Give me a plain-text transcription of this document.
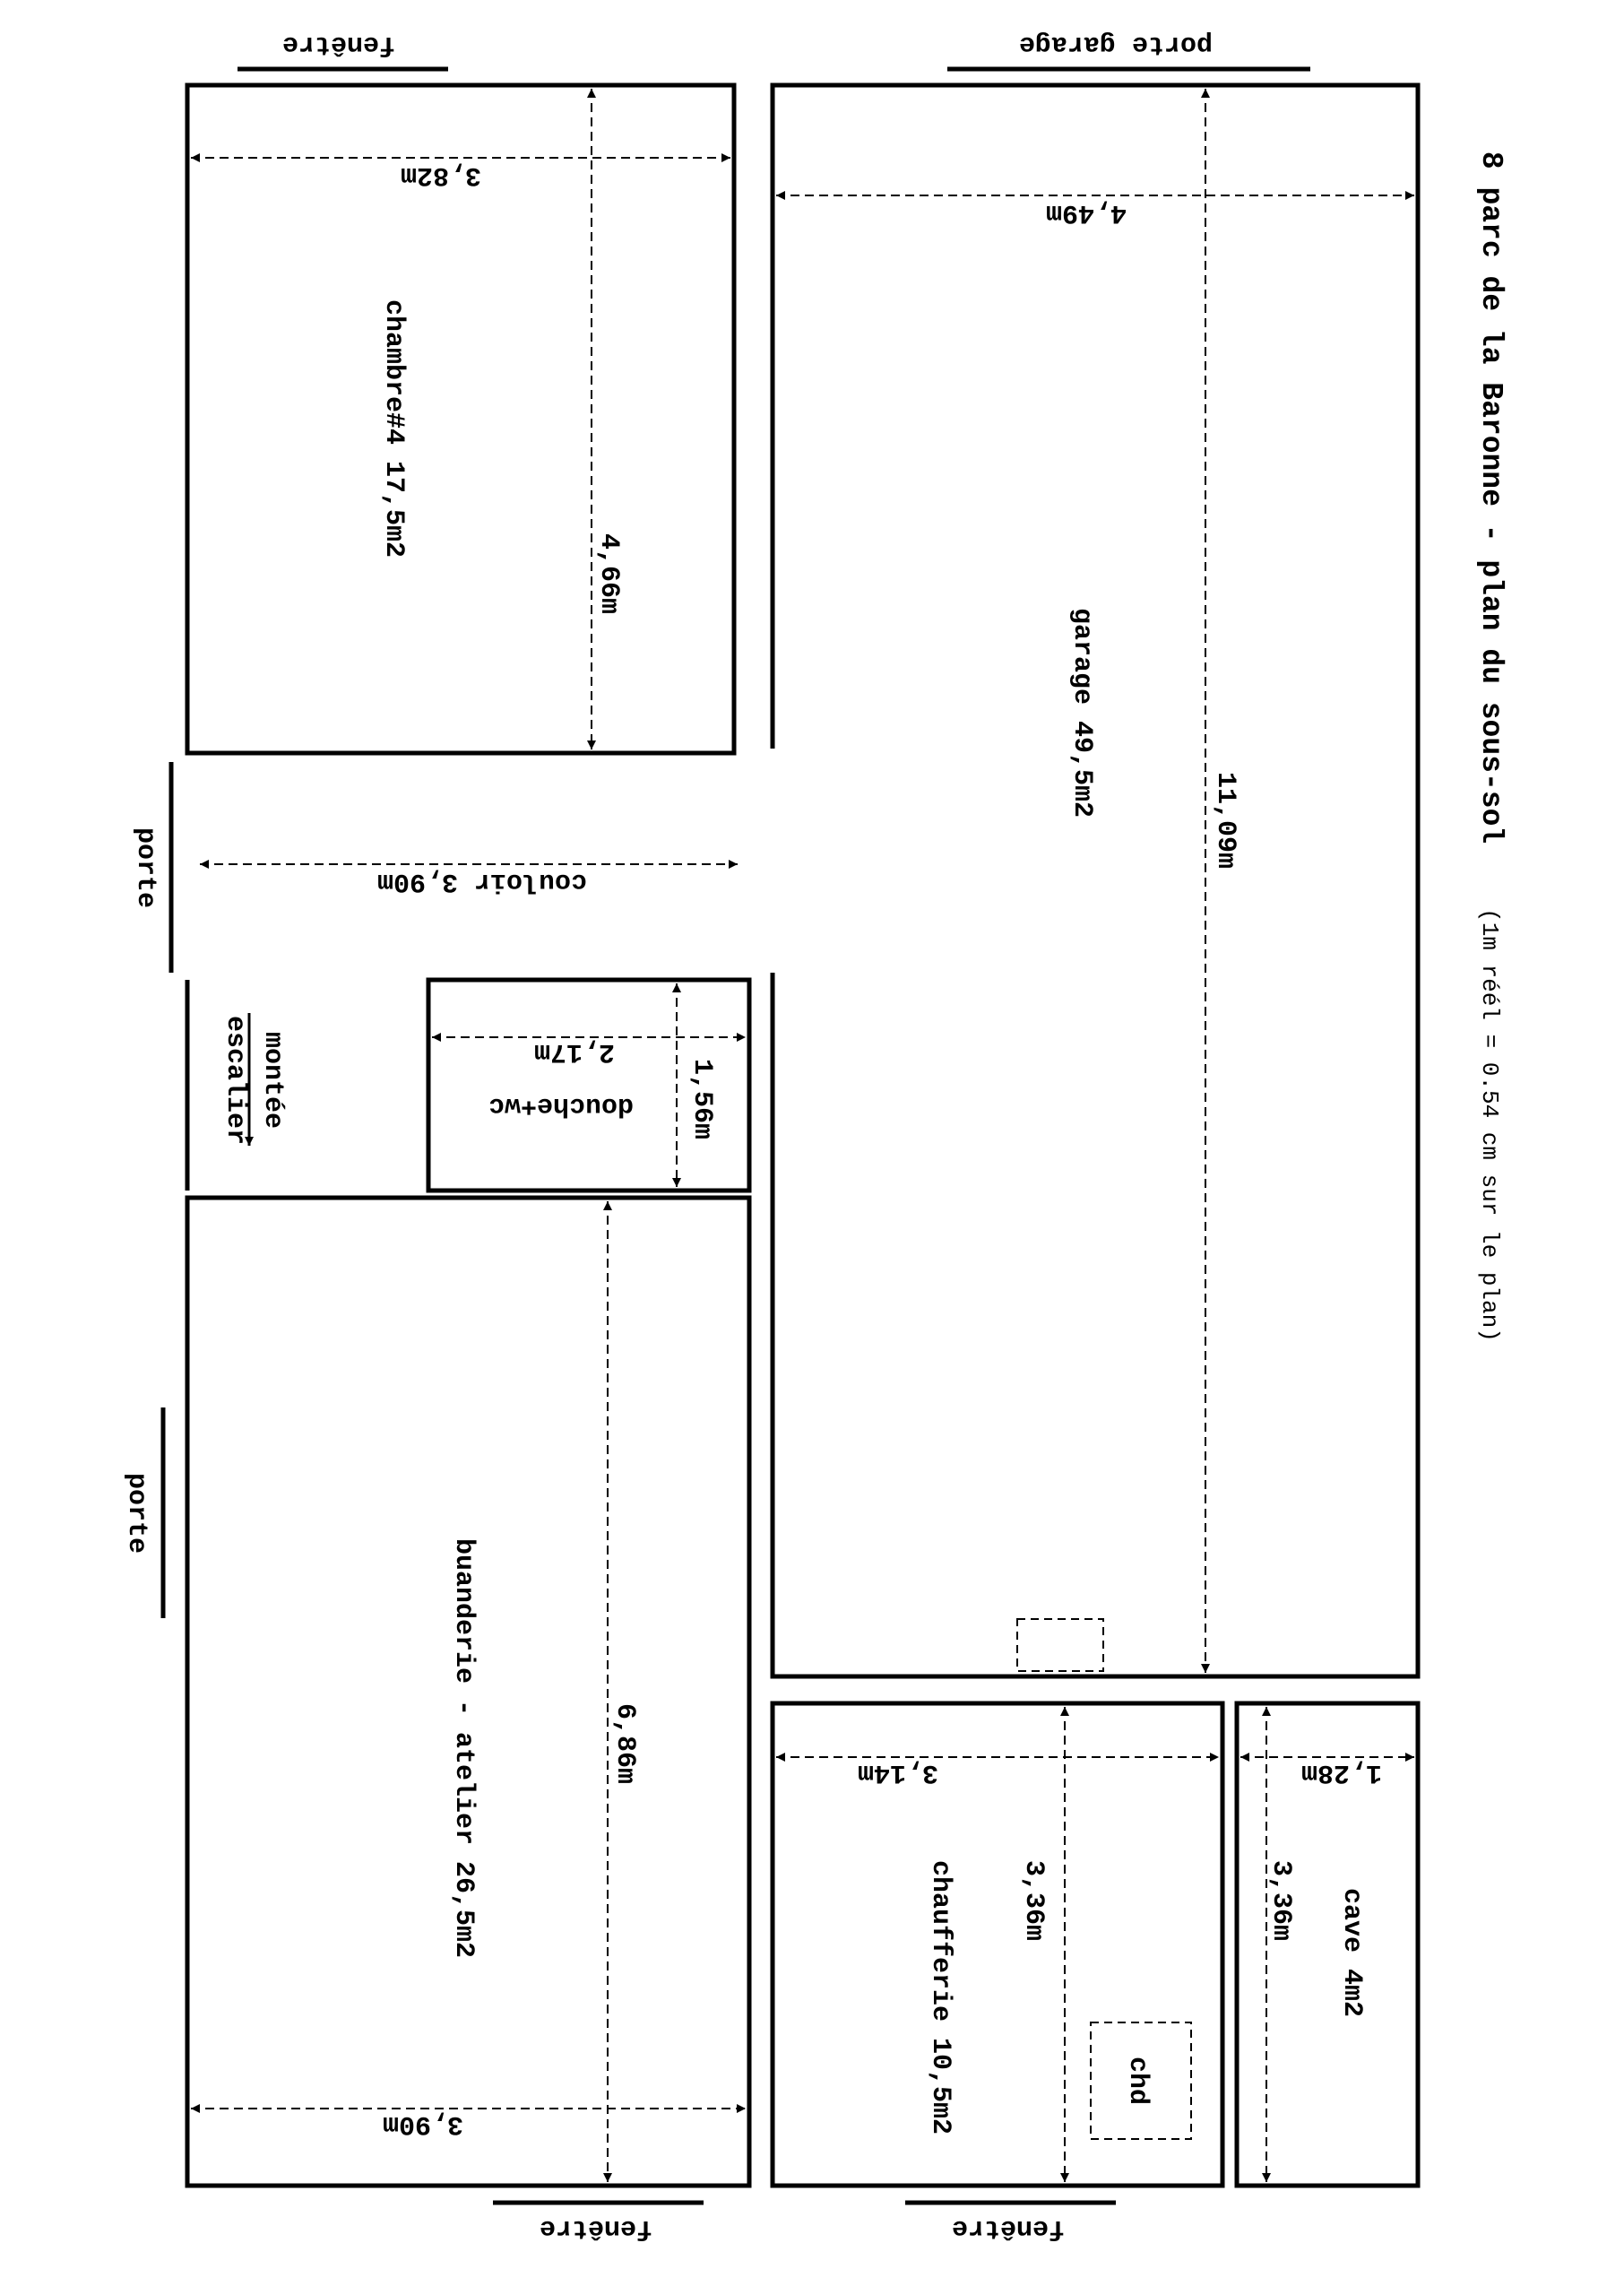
8 parc de la Baronne - plan du sous-sol
garage 49,5m2
11,09m
chambre#4 17,5m2
4,66m
1,56m
montée
escalier
buanderie - atelier 26,5m2	6,86m
chaufferie 10,5m2 3,36m
chd
cave 4m2
3,36m
porte
porte
(1m réél = 0.54 cm sur le plan)
porte garage
fenêtre
4,49m
3,82m
couloir 3,90m
2,17m
douche+wc
3,90m
fenêtre	fenêtre
3,14m	1,28m
